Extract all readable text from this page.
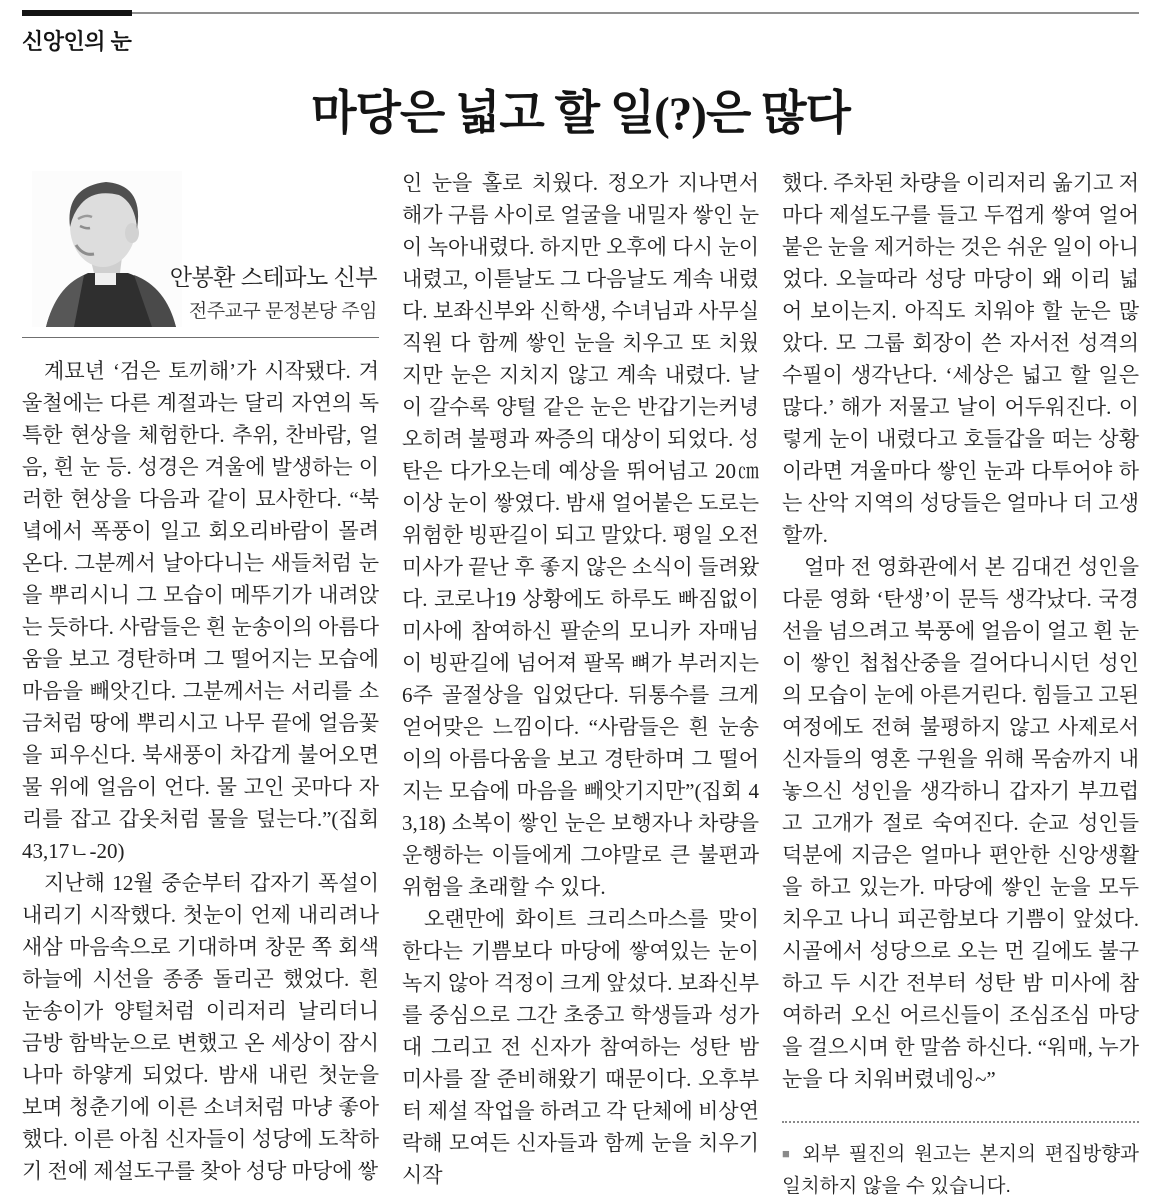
신앙인의 눈
마당은 넓고 할 일(?)은 많다
안봉환 스테파노 신부
전주교구 문정본당 주임

계묘년 ‘검은 토끼해’가 시작됐다. 겨울철에는 다른 계절과는 달리 자연의 독특한 현상을 체험한다. 추위, 찬바람, 얼음, 흰 눈 등. 성경은 겨울에 발생하는 이러한 현상을 다음과 같이 묘사한다. “북녘에서 폭풍이 일고 회오리바람이 몰려온다. 그분께서 날아다니는 새들처럼 눈을 뿌리시니 그 모습이 메뚜기가 내려앉는 듯하다. 사람들은 흰 눈송이의 아름다움을 보고 경탄하며 그 떨어지는 모습에 마음을 빼앗긴다. 그분께서는 서리를 소금처럼 땅에 뿌리시고 나무 끝에 얼음꽃을 피우신다. 북새풍이 차갑게 불어오면 물 위에 얼음이 언다. 물 고인 곳마다 자리를 잡고 갑옷처럼 물을 덮는다.”(집회 43,17ㄴ-20)

지난해 12월 중순부터 갑자기 폭설이 내리기 시작했다. 첫눈이 언제 내리려나 새삼 마음속으로 기대하며 창문 쪽 회색 하늘에 시선을 종종 돌리곤 했었다. 흰 눈송이가 양털처럼 이리저리 날리더니 금방 함박눈으로 변했고 온 세상이 잠시나마 하얗게 되었다. 밤새 내린 첫눈을 보며 청춘기에 이른 소녀처럼 마냥 좋아했다. 이른 아침 신자들이 성당에 도착하기 전에 제설도구를 찾아 성당 마당에 쌓

인 눈을 홀로 치웠다. 정오가 지나면서 해가 구름 사이로 얼굴을 내밀자 쌓인 눈이 녹아내렸다. 하지만 오후에 다시 눈이 내렸고, 이튿날도 그 다음날도 계속 내렸다. 보좌신부와 신학생, 수녀님과 사무실 직원 다 함께 쌓인 눈을 치우고 또 치웠지만 눈은 지치지 않고 계속 내렸다. 날이 갈수록 양털 같은 눈은 반갑기는커녕 오히려 불평과 짜증의 대상이 되었다. 성탄은 다가오는데 예상을 뛰어넘고 20㎝ 이상 눈이 쌓였다. 밤새 얼어붙은 도로는 위험한 빙판길이 되고 말았다. 평일 오전 미사가 끝난 후 좋지 않은 소식이 들려왔다. 코로나19 상황에도 하루도 빠짐없이 미사에 참여하신 팔순의 모니카 자매님이 빙판길에 넘어져 팔목 뼈가 부러지는 6주 골절상을 입었단다. 뒤통수를 크게 얻어맞은 느낌이다. “사람들은 흰 눈송이의 아름다움을 보고 경탄하며 그 떨어지는 모습에 마음을 빼앗기지만”(집회 43,18) 소복이 쌓인 눈은 보행자나 차량을 운행하는 이들에게 그야말로 큰 불편과 위험을 초래할 수 있다.

오랜만에 화이트 크리스마스를 맞이한다는 기쁨보다 마당에 쌓여있는 눈이 녹지 않아 걱정이 크게 앞섰다. 보좌신부를 중심으로 그간 초중고 학생들과 성가대 그리고 전 신자가 참여하는 성탄 밤 미사를 잘 준비해왔기 때문이다. 오후부터 제설 작업을 하려고 각 단체에 비상연락해 모여든 신자들과 함께 눈을 치우기 시작

했다. 주차된 차량을 이리저리 옮기고 저마다 제설도구를 들고 두껍게 쌓여 얼어붙은 눈을 제거하는 것은 쉬운 일이 아니었다. 오늘따라 성당 마당이 왜 이리 넓어 보이는지. 아직도 치워야 할 눈은 많았다. 모 그룹 회장이 쓴 자서전 성격의 수필이 생각난다. ‘세상은 넓고 할 일은 많다.’ 해가 저물고 날이 어두워진다. 이렇게 눈이 내렸다고 호들갑을 떠는 상황이라면 겨울마다 쌓인 눈과 다투어야 하는 산악 지역의 성당들은 얼마나 더 고생할까.

얼마 전 영화관에서 본 김대건 성인을 다룬 영화 ‘탄생’이 문득 생각났다. 국경선을 넘으려고 북풍에 얼음이 얼고 흰 눈이 쌓인 첩첩산중을 걸어다니시던 성인의 모습이 눈에 아른거린다. 힘들고 고된 여정에도 전혀 불평하지 않고 사제로서 신자들의 영혼 구원을 위해 목숨까지 내놓으신 성인을 생각하니 갑자기 부끄럽고 고개가 절로 숙여진다. 순교 성인들 덕분에 지금은 얼마나 편안한 신앙생활을 하고 있는가. 마당에 쌓인 눈을 모두 치우고 나니 피곤함보다 기쁨이 앞섰다. 시골에서 성당으로 오는 먼 길에도 불구하고 두 시간 전부터 성탄 밤 미사에 참여하러 오신 어르신들이 조심조심 마당을 걸으시며 한 말씀 하신다. “워매, 누가 눈을 다 치워버렸네잉~”

■ 외부 필진의 원고는 본지의 편집방향과 일치하지 않을 수 있습니다.
